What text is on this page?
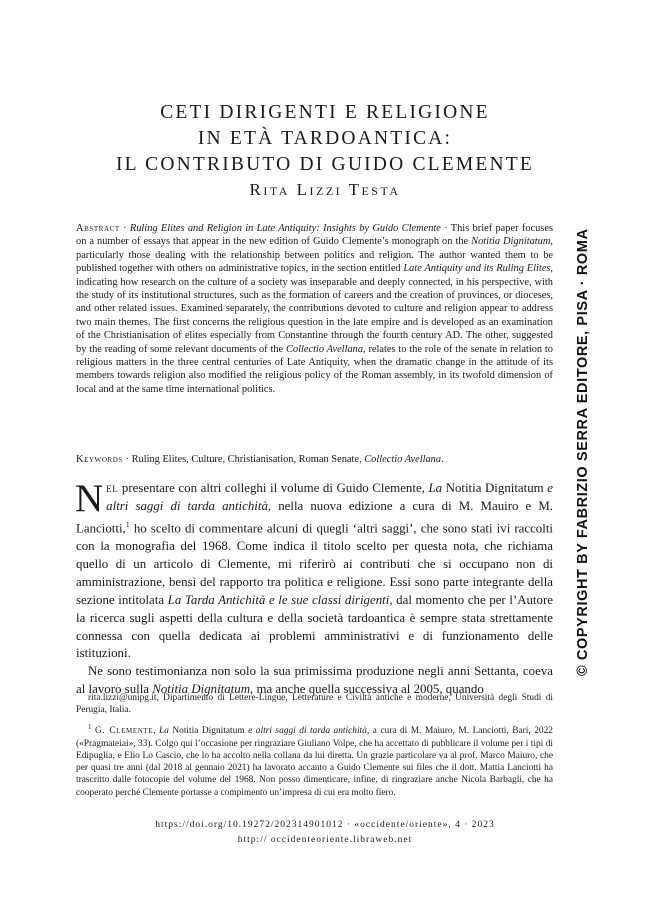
CETI DIRIGENTI E RELIGIONE
IN ETÀ TARDOANTICA:
IL CONTRIBUTO DI GUIDO CLEMENTE
Rita Lizzi Testa

Abstract · Ruling Elites and Religion in Late Antiquity: Insights by Guido Clemente · This brief paper focuses on a number of essays that appear in the new edition of Guido Clemente’s monograph on the Notitia Dignitatum, particularly those dealing with the relationship between politics and religion. The author wanted them to be published together with others on administrative topics, in the section entitled Late Antiquity and its Ruling Elites, indicating how research on the culture of a society was inseparable and deeply connected, in his perspective, with the study of its institutional structures, such as the formation of careers and the creation of provinces, or dioceses, and other related issues. Examined separately, the contributions devoted to culture and religion appear to address two main themes. The first concerns the religious question in the late empire and is developed as an examination of the Christianisation of elites especially from Constantine through the fourth century AD. The other, suggested by the reading of some relevant documents of the Collectio Avellana, relates to the role of the senate in relation to religious matters in the three central centuries of Late Antiquity, when the dramatic change in the attitude of its members towards religion also modified the religious policy of the Roman assembly, in its twofold dimension of local and at the same time international politics.

Keywords · Ruling Elites, Culture, Christianisation, Roman Senate, Collectio Avellana.

Nel presentare con altri colleghi il volume di Guido Clemente, La Notitia Dignitatum e altri saggi di tarda antichità, nella nuova edizione a cura di M. Mauiro e M. Lanciotti,$^1$ ho scelto di commentare alcuni di quegli ‘altri saggi’, che sono stati ivi raccolti con la monografia del 1968. Come indica il titolo scelto per questa nota, che richiama quello di un articolo di Clemente, mi riferirò ai contributi che si occupano non di amministrazione, bensì del rapporto tra politica e religione. Essi sono parte integrante della sezione intitolata La Tarda Antichità e le sue classi dirigenti, dal momento che per l’Autore la ricerca sugli aspetti della cultura e della società tardoantica è sempre stata strettamente connessa con quella dedicata ai problemi amministrativi e di funzionamento delle istituzioni.

Ne sono testimonianza non solo la sua primissima produzione negli anni Settanta, coeva al lavoro sulla Notitia Dignitatum, ma anche quella successiva al 2005, quando

rita.lizzi@unipg.it, Dipartimento di Lettere-Lingue, Letterature e Civiltà antiche e moderne, Università degli Studi di Perugia, Italia.

$^1$ G. Clemente, La Notitia Dignitatum e altri saggi di tarda antichità, a cura di M. Maiuro, M. Lanciotti, Bari, 2022 («Pragmateiai», 33). Colgo qui l’occasione per ringraziare Giuliano Volpe, che ha accettato di pubblicare il volume per i tipi di Edipuglia, e Elio Lo Cascio, che lo ha accolto nella collana da lui diretta. Un grazie particolare va al prof. Marco Maiuro, che per quasi tre anni (dal 2018 al gennaio 2021) ha lavorato accanto a Guido Clemente sui files che il dott. Mattia Lanciotti ha trascritto dalle fotocopie del volume del 1968. Non posso dimenticare, infine, di ringraziare anche Nicola Barbagli, che ha cooperato perché Clemente portasse a compimento un’impresa di cui era molto fiero.

https://doi.org/10.19272/202314901012 · «occidente/oriente», 4 · 2023
http:// occidenteoriente.libraweb.net
© COPYRIGHT BY FABRIZIO SERRA EDITORE, PISA · ROMA
